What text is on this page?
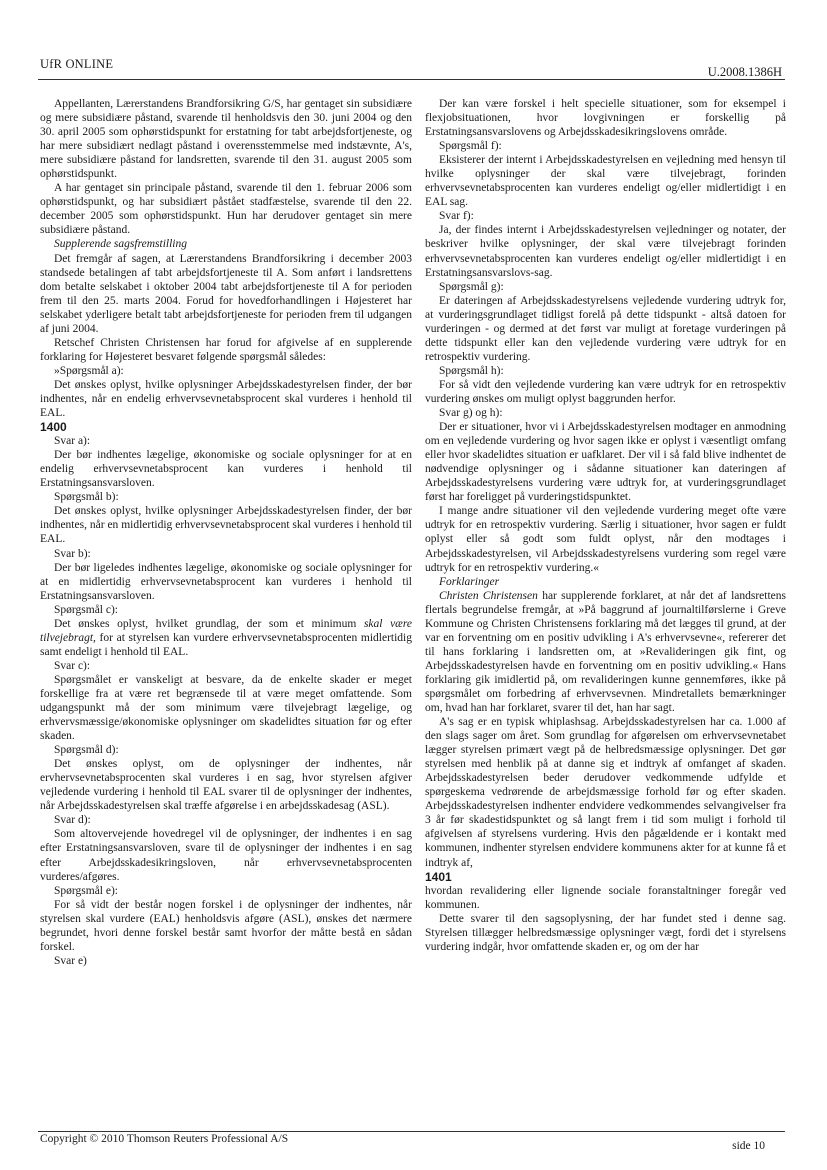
UfR ONLINE
U.2008.1386H

Appellanten, Lærerstandens Brandforsikring G/S, har gentaget sin subsidiære og mere subsidiære påstand, svarende til henholdsvis den 30. juni 2004 og den 30. april 2005 som ophørstidspunkt for erstatning for tabt arbejdsfortjeneste, og har mere subsidiært nedlagt påstand i overensstemmelse med indstævnte, A's, mere subsidiære påstand for landsretten, svarende til den 31. august 2005 som ophørstidspunkt.

A har gentaget sin principale påstand, svarende til den 1. februar 2006 som ophørstidspunkt, og har subsidiært påstået stadfæstelse, svarende til den 22. december 2005 som ophørstidspunkt. Hun har derudover gentaget sin mere subsidiære påstand.

Supplerende sagsfremstilling

Det fremgår af sagen, at Lærerstandens Brandforsikring i december 2003 standsede betalingen af tabt arbejdsfortjeneste til A. Som anført i landsrettens dom betalte selskabet i oktober 2004 tabt arbejdsfortjeneste til A for perioden frem til den 25. marts 2004. Forud for hovedforhandlingen i Højesteret har selskabet yderligere betalt tabt arbejdsfortjeneste for perioden frem til udgangen af juni 2004.

Retschef Christen Christensen har forud for afgivelse af en supplerende forklaring for Højesteret besvaret følgende spørgsmål således:

»Spørgsmål a):

Det ønskes oplyst, hvilke oplysninger Arbejdsskadestyrelsen finder, der bør indhentes, når en endelig erhvervsevnetabsprocent skal vurderes i henhold til EAL.

1400

Svar a):

Der bør indhentes lægelige, økonomiske og sociale oplysninger for at en endelig erhvervsevnetabsprocent kan vurderes i henhold til Erstatningsansvarsloven.

Spørgsmål b):

Det ønskes oplyst, hvilke oplysninger Arbejdsskadestyrelsen finder, der bør indhentes, når en midlertidig erhvervsevnetabsprocent skal vurderes i henhold til EAL.

Svar b):

Der bør ligeledes indhentes lægelige, økonomiske og sociale oplysninger for at en midlertidig erhvervsevnetabsprocent kan vurderes i henhold til Erstatningsansvarsloven.

Spørgsmål c):

Det ønskes oplyst, hvilket grundlag, der som et minimum skal være tilvejebragt, for at styrelsen kan vurdere erhvervsevnetabsprocenten midlertidig samt endeligt i henhold til EAL.

Svar c):

Spørgsmålet er vanskeligt at besvare, da de enkelte skader er meget forskellige fra at være ret begrænsede til at være meget omfattende. Som udgangspunkt må der som minimum være tilvejebragt lægelige, og erhvervsmæssige/økonomiske oplysninger om skadelidtes situation før og efter skaden.

Spørgsmål d):

Det ønskes oplyst, om de oplysninger der indhentes, når ervhervsevnetabsprocenten skal vurderes i en sag, hvor styrelsen afgiver vejledende vurdering i henhold til EAL svarer til de oplysninger der indhentes, når Arbejdsskadestyrelsen skal træffe afgørelse i en arbejdsskadesag (ASL).

Svar d):

Som altovervejende hovedregel vil de oplysninger, der indhentes i en sag efter Erstatningsansvarsloven, svare til de oplysninger der indhentes i en sag efter Arbejdsskadesikringsloven, når erhvervsevnetabsprocenten vurderes/afgøres.

Spørgsmål e):

For så vidt der består nogen forskel i de oplysninger der indhentes, når styrelsen skal vurdere (EAL) henholdsvis afgøre (ASL), ønskes det nærmere begrundet, hvori denne forskel består samt hvorfor der måtte bestå en sådan forskel.

Svar e)

Der kan være forskel i helt specielle situationer, som for eksempel i flexjobsituationen, hvor lovgivningen er forskellig på Erstatningsansvarslovens og Arbejdsskadesikringslovens område.

Spørgsmål f):

Eksisterer der internt i Arbejdsskadestyrelsen en vejledning med hensyn til hvilke oplysninger der skal være tilvejebragt, forinden erhvervsevnetabsprocenten kan vurderes endeligt og/eller midlertidigt i en EAL sag.

Svar f):

Ja, der findes internt i Arbejdsskadestyrelsen vejledninger og notater, der beskriver hvilke oplysninger, der skal være tilvejebragt forinden erhvervsevnetabsprocenten kan vurderes endeligt og/eller midlertidigt i en Erstatningsansvarslovs-sag.

Spørgsmål g):

Er dateringen af Arbejdsskadestyrelsens vejledende vurdering udtryk for, at vurderingsgrundlaget tidligst forelå på dette tidspunkt - altså datoen for vurderingen - og dermed at det først var muligt at foretage vurderingen på dette tidspunkt eller kan den vejledende vurdering være udtryk for en retrospektiv vurdering.

Spørgsmål h):

For så vidt den vejledende vurdering kan være udtryk for en retrospektiv vurdering ønskes om muligt oplyst baggrunden herfor.

Svar g) og h):

Der er situationer, hvor vi i Arbejdsskadestyrelsen modtager en anmodning om en vejledende vurdering og hvor sagen ikke er oplyst i væsentligt omfang eller hvor skadelidtes situation er uafklaret. Der vil i så fald blive indhentet de nødvendige oplysninger og i sådanne situationer kan dateringen af Arbejdsskadestyrelsens vurdering være udtryk for, at vurderingsgrundlaget først har foreligget på vurderingstidspunktet.

I mange andre situationer vil den vejledende vurdering meget ofte være udtryk for en retrospektiv vurdering. Særlig i situationer, hvor sagen er fuldt oplyst eller så godt som fuldt oplyst, når den modtages i Arbejdsskadestyrelsen, vil Arbejdsskadestyrelsens vurdering som regel være udtryk for en retrospektiv vurdering.«

Forklaringer

Christen Christensen har supplerende forklaret, at når det af landsrettens flertals begrundelse fremgår, at »På baggrund af journaltilførslerne i Greve Kommune og Christen Christensens forklaring må det lægges til grund, at der var en forventning om en positiv udvikling i A's erhvervsevne«, refererer det til hans forklaring i landsretten om, at »Revalideringen gik fint, og Arbejdsskadestyrelsen havde en forventning om en positiv udvikling.« Hans forklaring gik imidlertid på, om revalideringen kunne gennemføres, ikke på spørgsmålet om forbedring af erhvervsevnen. Mindretallets bemærkninger om, hvad han har forklaret, svarer til det, han har sagt.

A's sag er en typisk whiplashsag. Arbejdsskadestyrelsen har ca. 1.000 af den slags sager om året. Som grundlag for afgørelsen om erhvervsevnetabet lægger styrelsen primært vægt på de helbredsmæssige oplysninger. Det gør styrelsen med henblik på at danne sig et indtryk af omfanget af skaden. Arbejdsskadestyrelsen beder derudover vedkommende udfylde et spørgeskema vedrørende de arbejdsmæssige forhold før og efter skaden. Arbejdsskadestyrelsen indhenter endvidere vedkommendes selvangivelser fra 3 år før skadestidspunktet og så langt frem i tid som muligt i forhold til afgivelsen af styrelsens vurdering. Hvis den pågældende er i kontakt med kommunen, indhenter styrelsen endvidere kommunens akter for at kunne få et indtryk af,

1401

hvordan revalidering eller lignende sociale foranstaltninger foregår ved kommunen.

Dette svarer til den sagsoplysning, der har fundet sted i denne sag. Styrelsen tillægger helbredsmæssige oplysninger vægt, fordi det i styrelsens vurdering indgår, hvor omfattende skaden er, og om der har

Copyright © 2010 Thomson Reuters Professional A/S
side 10
